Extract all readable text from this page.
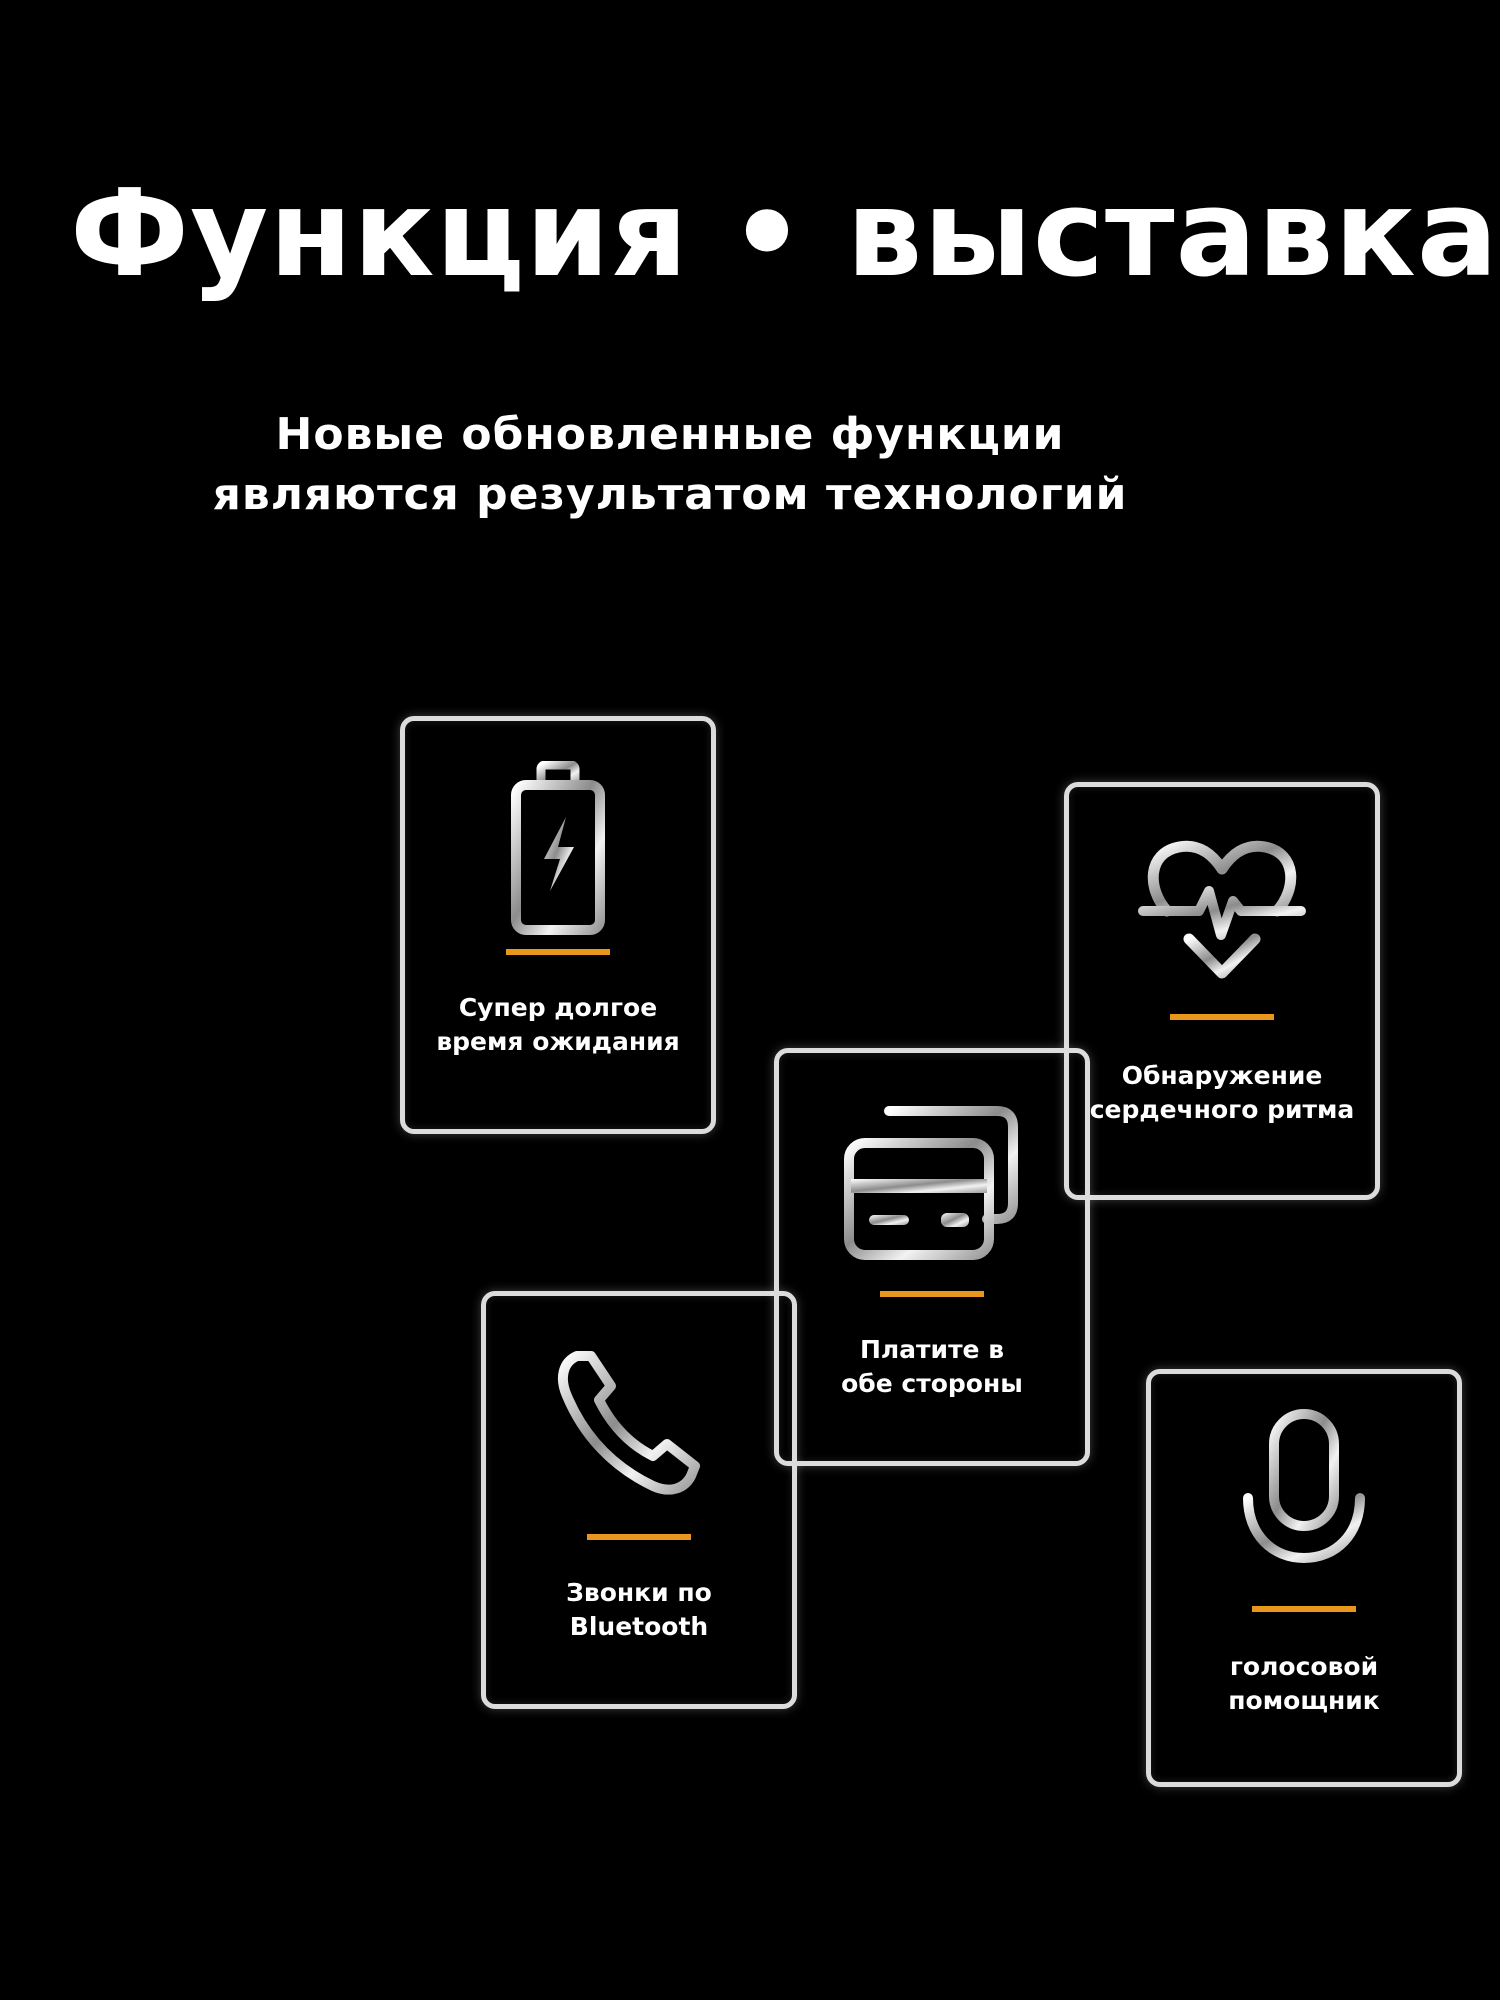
Функция • выставка
Новые обновленные функции
являются результатом технологий
Супер долгое
время ожидания
Обнаружение
сердечного ритма
Звонки по
Bluetooth
Платите в
обе стороны
голосовой
помощник
